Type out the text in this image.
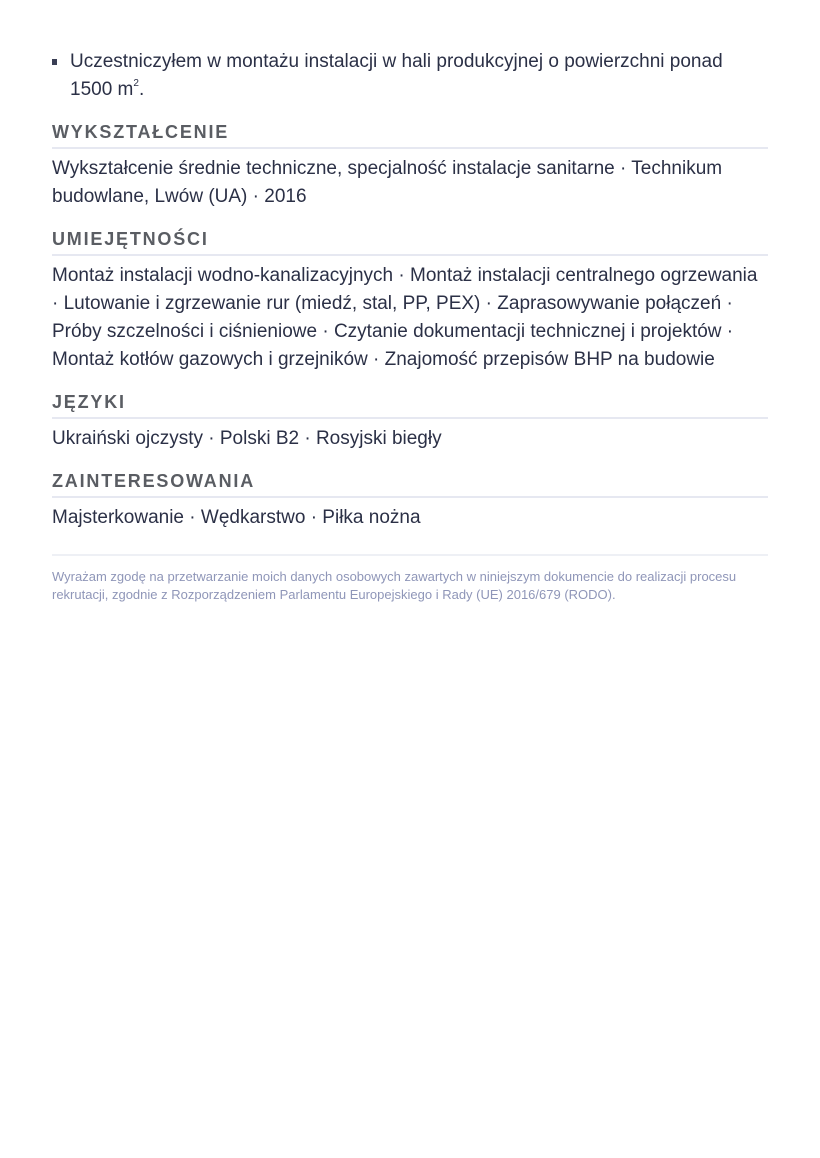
Uczestniczyłem w montażu instalacji w hali produkcyjnej o powierzchni ponad 1500 $m^2$.
WYKSZTAŁCENIE
Wykształcenie średnie techniczne, specjalność instalacje sanitarne · Technikum budowlane, Lwów (UA) · 2016
UMIEJĘTNOŚCI
Montaż instalacji wodno-kanalizacyjnych · Montaż instalacji centralnego ogrzewania · Lutowanie i zgrzewanie rur (miedź, stal, PP, PEX) · Zaprasowywanie połączeń · Próby szczelności i ciśnieniowe · Czytanie dokumentacji technicznej i projektów · Montaż kotłów gazowych i grzejników · Znajomość przepisów BHP na budowie
JĘZYKI
Ukraiński ojczysty · Polski B2 · Rosyjski biegły
ZAINTERESOWANIA
Majsterkowanie · Wędkarstwo · Piłka nożna
Wyrażam zgodę na przetwarzanie moich danych osobowych zawartych w niniejszym dokumencie do realizacji procesu rekrutacji, zgodnie z Rozporządzeniem Parlamentu Europejskiego i Rady (UE) 2016/679 (RODO).
